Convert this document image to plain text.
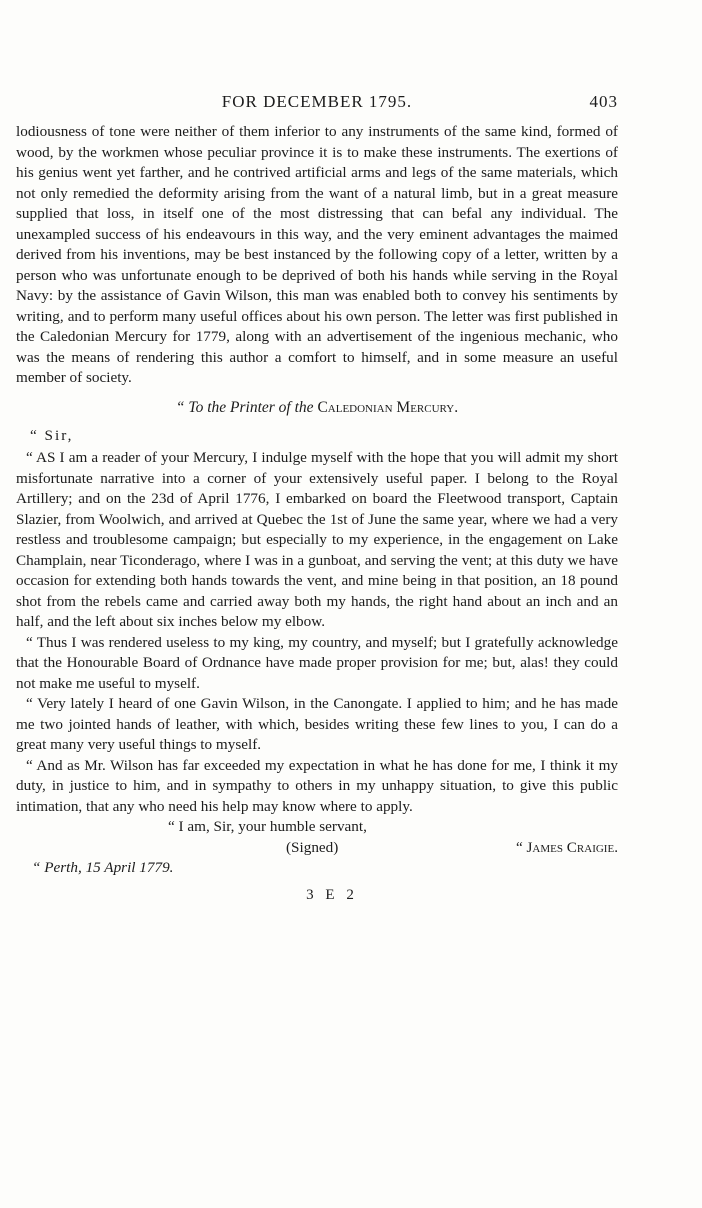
FOR DECEMBER 1795.	403

lodiousness of tone were neither of them inferior to any instruments of the same kind, formed of wood, by the workmen whose peculiar province it is to make these instruments. The exertions of his genius went yet farther, and he contrived artificial arms and legs of the same materials, which not only remedied the deformity arising from the want of a natural limb, but in a great measure supplied that loss, in itself one of the most distressing that can befal any individual. The unexampled success of his endeavours in this way, and the very eminent advantages the maimed derived from his inventions, may be best instanced by the following copy of a letter, written by a person who was unfortunate enough to be deprived of both his hands while serving in the Royal Navy: by the assistance of Gavin Wilson, this man was enabled both to convey his sentiments by writing, and to perform many useful offices about his own person. The letter was first published in the Caledonian Mercury for 1779, along with an advertisement of the ingenious mechanic, who was the means of rendering this author a comfort to himself, and in some measure an useful member of society.

“ To the Printer of the Caledonian Mercury.

“ Sir,

“ AS I am a reader of your Mercury, I indulge myself with the hope that you will admit my short misfortunate narrative into a corner of your extensively useful paper. I belong to the Royal Artillery; and on the 23d of April 1776, I embarked on board the Fleetwood transport, Captain Slazier, from Woolwich, and arrived at Quebec the 1st of June the same year, where we had a very restless and troublesome campaign; but especially to my experience, in the engagement on Lake Champlain, near Ticonderago, where I was in a gunboat, and serving the vent; at this duty we have occasion for extending both hands towards the vent, and mine being in that position, an 18 pound shot from the rebels came and carried away both my hands, the right hand about an inch and an half, and the left about six inches below my elbow.

“ Thus I was rendered useless to my king, my country, and myself; but I gratefully acknowledge that the Honourable Board of Ordnance have made proper provision for me; but, alas! they could not make me useful to myself.

“ Very lately I heard of one Gavin Wilson, in the Canongate. I applied to him; and he has made me two jointed hands of leather, with which, besides writing these few lines to you, I can do a great many very useful things to myself.

“ And as Mr. Wilson has far exceeded my expectation in what he has done for me, I think it my duty, in justice to him, and in sympathy to others in my unhappy situation, to give this public intimation, that any who need his help may know where to apply.

“ I am, Sir, your humble servant,

(Signed)	“ James Craigie.

“ Perth, 15 April 1779.

3 E 2
